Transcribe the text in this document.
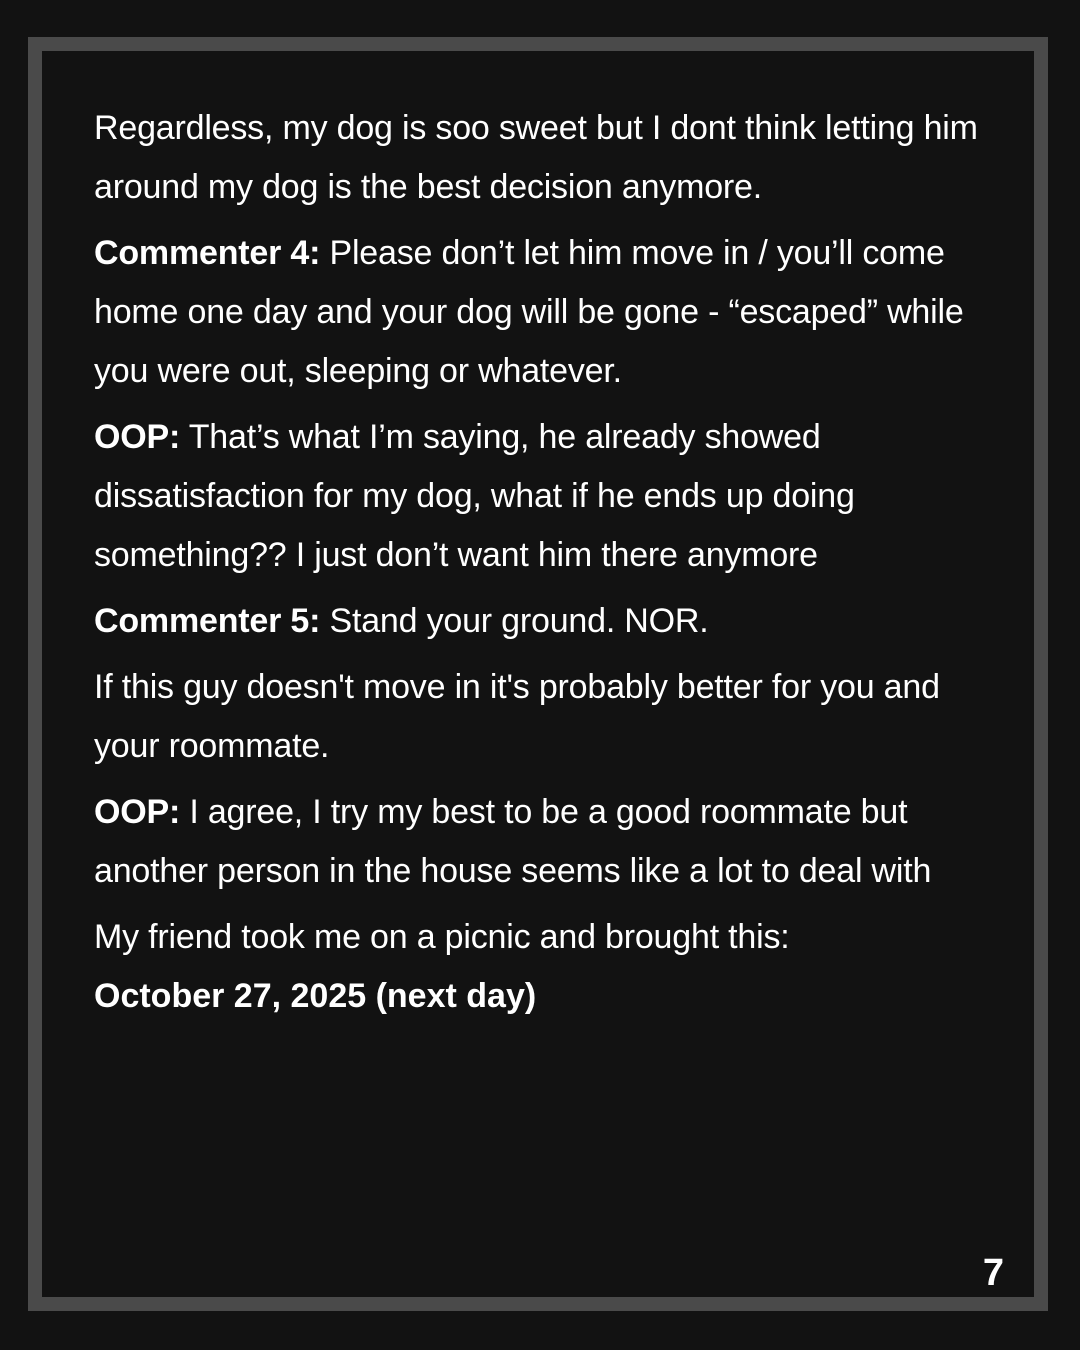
Regardless, my dog is soo sweet but I dont think letting him around my dog is the best decision anymore.

Commenter 4: Please don’t let him move in / you’ll come home one day and your dog will be gone - “escaped” while you were out, sleeping or whatever.

OOP: That’s what I’m saying, he already showed dissatisfaction for my dog, what if he ends up doing something?? I just don’t want him there anymore

Commenter 5: Stand your ground. NOR.

If this guy doesn't move in it's probably better for you and your roommate.

OOP: I agree, I try my best to be a good roommate but another person in the house seems like a lot to deal with

My friend took me on a picnic and brought this:

October 27, 2025 (next day)

7
